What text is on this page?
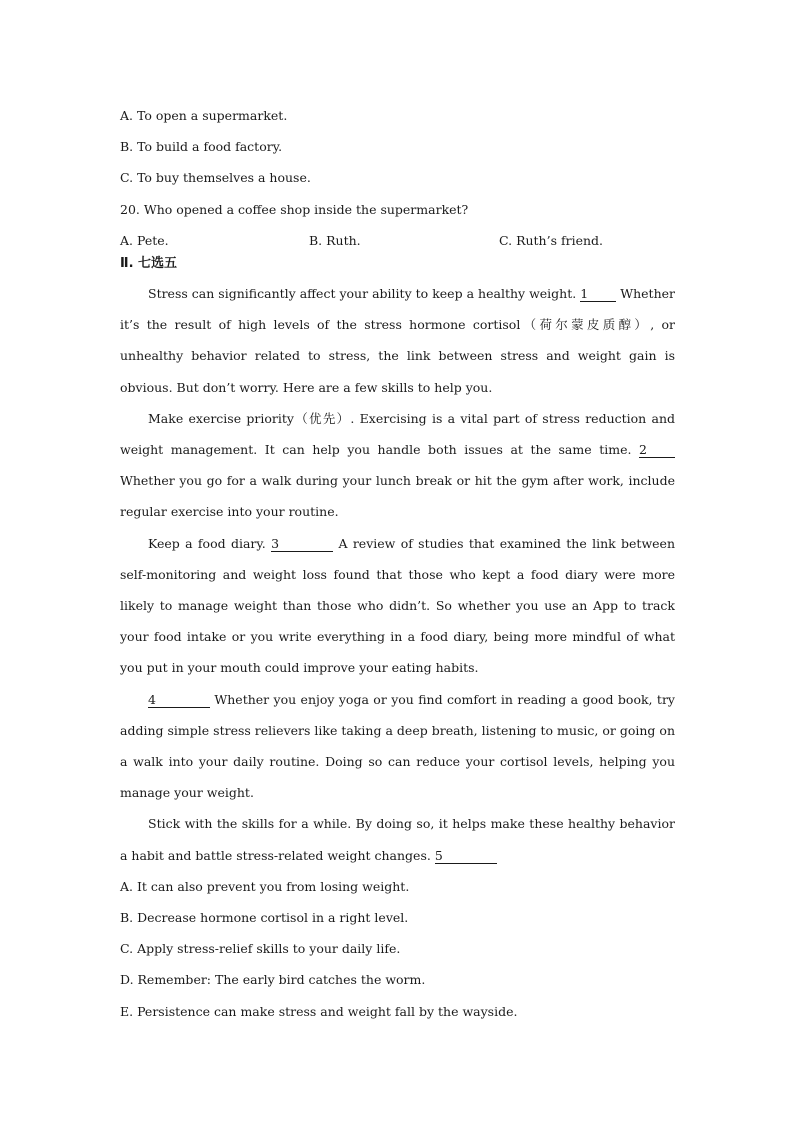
A. To open a supermarket.
B. To build a food factory.
C. To buy themselves a house.
20. Who opened a coffee shop inside the supermarket?
A. Pete.	B. Ruth.	C. Ruth’s friend.
Ⅱ. 七选五
Stress can significantly affect your ability to keep a healthy weight. 1 Whether it’s the result of high levels of the stress hormone cortisol（荷尔蒙皮质醇）, or unhealthy behavior related to stress, the link between stress and weight gain is obvious. But don’t worry. Here are a few skills to help you.
Make exercise priority（优先）. Exercising is a vital part of stress reduction and weight management. It can help you handle both issues at the same time. 2 Whether you go for a walk during your lunch break or hit the gym after work, include regular exercise into your routine.
Keep a food diary. 3	A review of studies that examined the link between self-monitoring and weight loss found that those who kept a food diary were more likely to manage weight than those who didn’t. So whether you use an App to track your food intake or you write everything in a food diary, being more mindful of what you put in your mouth could improve your eating habits.
4	Whether you enjoy yoga or you find comfort in reading a good book, try adding simple stress relievers like taking a deep breath, listening to music, or going on a walk into your daily routine. Doing so can reduce your cortisol levels, helping you manage your weight.
Stick with the skills for a while. By doing so, it helps make these healthy behavior a habit and battle stress-related weight changes. 5
A. It can also prevent you from losing weight.
B. Decrease hormone cortisol in a right level.
C. Apply stress-relief skills to your daily life.
D. Remember: The early bird catches the worm.
E. Persistence can make stress and weight fall by the wayside.
